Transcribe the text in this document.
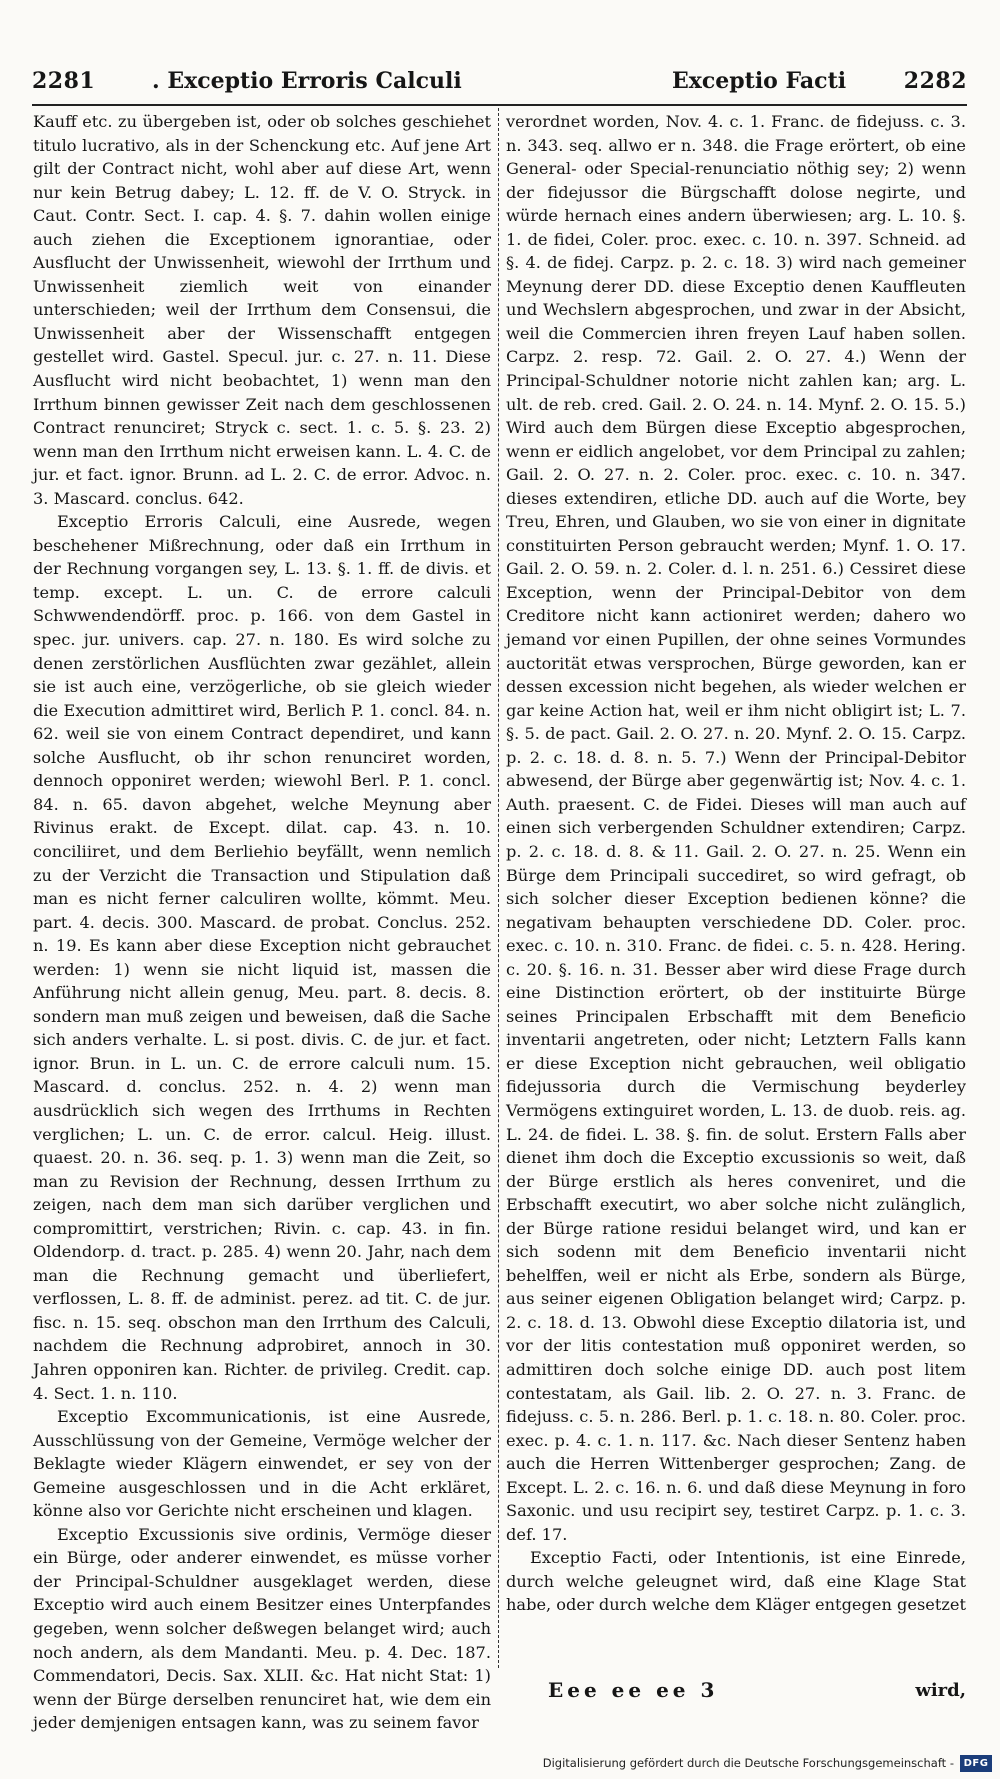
2281	. Exceptio Erroris Calculi	Exceptio Facti	2282

Kauff etc. zu übergeben ist, oder ob solches geschiehet titulo lucrativo, als in der Schenckung etc. Auf jene Art gilt der Contract nicht, wohl aber auf diese Art, wenn nur kein Betrug dabey; L. 12. ff. de V. O. Stryck. in Caut. Contr. Sect. I. cap. 4. §. 7. dahin wollen einige auch ziehen die Exceptionem ignorantiae, oder Ausflucht der Unwissenheit, wiewohl der Irrthum und Unwissenheit ziemlich weit von einander unterschieden; weil der Irrthum dem Consensui, die Unwissenheit aber der Wissenschafft entgegen gestellet wird. Gastel. Specul. jur. c. 27. n. 11. Diese Ausflucht wird nicht beobachtet, 1) wenn man den Irrthum binnen gewisser Zeit nach dem geschlossenen Contract renunciret; Stryck c. sect. 1. c. 5. §. 23. 2) wenn man den Irrthum nicht erweisen kann. L. 4. C. de jur. et fact. ignor. Brunn. ad L. 2. C. de error. Advoc. n. 3. Mascard. conclus. 642.

Exceptio Erroris Calculi, eine Ausrede, wegen beschehener Mißrechnung, oder daß ein Irrthum in der Rechnung vorgangen sey, L. 13. §. 1. ff. de divis. et temp. except. L. un. C. de errore calculi Schwwendendörff. proc. p. 166. von dem Gastel in spec. jur. univers. cap. 27. n. 180. Es wird solche zu denen zerstörlichen Ausflüchten zwar gezählet, allein sie ist auch eine, verzögerliche, ob sie gleich wieder die Execution admittiret wird, Berlich P. 1. concl. 84. n. 62. weil sie von einem Contract dependiret, und kann solche Ausflucht, ob ihr schon renunciret worden, dennoch opponiret werden; wiewohl Berl. P. 1. concl. 84. n. 65. davon abgehet, welche Meynung aber Rivinus erakt. de Except. dilat. cap. 43. n. 10. conciliiret, und dem Berliehio beyfällt, wenn nemlich zu der Verzicht die Transaction und Stipulation daß man es nicht ferner calculiren wollte, kömmt. Meu. part. 4. decis. 300. Mascard. de probat. Conclus. 252. n. 19. Es kann aber diese Exception nicht gebrauchet werden: 1) wenn sie nicht liquid ist, massen die Anführung nicht allein genug, Meu. part. 8. decis. 8. sondern man muß zeigen und beweisen, daß die Sache sich anders verhalte. L. si post. divis. C. de jur. et fact. ignor. Brun. in L. un. C. de errore calculi num. 15. Mascard. d. conclus. 252. n. 4. 2) wenn man ausdrücklich sich wegen des Irrthums in Rechten verglichen; L. un. C. de error. calcul. Heig. illust. quaest. 20. n. 36. seq. p. 1. 3) wenn man die Zeit, so man zu Revision der Rechnung, dessen Irrthum zu zeigen, nach dem man sich darüber verglichen und compromittirt, verstrichen; Rivin. c. cap. 43. in fin. Oldendorp. d. tract. p. 285. 4) wenn 20. Jahr, nach dem man die Rechnung gemacht und überliefert, verflossen, L. 8. ff. de administ. perez. ad tit. C. de jur. fisc. n. 15. seq. obschon man den Irrthum des Calculi, nachdem die Rechnung adprobiret, annoch in 30. Jahren opponiren kan. Richter. de privileg. Credit. cap. 4. Sect. 1. n. 110.

Exceptio Excommunicationis, ist eine Ausrede, Ausschlüssung von der Gemeine, Vermöge welcher der Beklagte wieder Klägern einwendet, er sey von der Gemeine ausgeschlossen und in die Acht erkläret, könne also vor Gerichte nicht erscheinen und klagen.

Exceptio Excussionis sive ordinis, Vermöge dieser ein Bürge, oder anderer einwendet, es müsse vorher der Principal-Schuldner ausgeklaget werden, diese Exceptio wird auch einem Besitzer eines Unterpfandes gegeben, wenn solcher deßwegen belanget wird; auch noch andern, als dem Mandanti. Meu. p. 4. Dec. 187. Commendatori, Decis. Sax. XLII. &c. Hat nicht Stat: 1) wenn der Bürge derselben renunciret hat, wie dem ein jeder demjenigen entsagen kann, was zu seinem favor

verordnet worden, Nov. 4. c. 1. Franc. de fidejuss. c. 3. n. 343. seq. allwo er n. 348. die Frage erörtert, ob eine General- oder Special-renunciatio nöthig sey; 2) wenn der fidejussor die Bürgschafft dolose negirte, und würde hernach eines andern überwiesen; arg. L. 10. §. 1. de fidei, Coler. proc. exec. c. 10. n. 397. Schneid. ad §. 4. de fidej. Carpz. p. 2. c. 18. 3) wird nach gemeiner Meynung derer DD. diese Exceptio denen Kauffleuten und Wechslern abgesprochen, und zwar in der Absicht, weil die Commercien ihren freyen Lauf haben sollen. Carpz. 2. resp. 72. Gail. 2. O. 27. 4.) Wenn der Principal-Schuldner notorie nicht zahlen kan; arg. L. ult. de reb. cred. Gail. 2. O. 24. n. 14. Mynf. 2. O. 15. 5.) Wird auch dem Bürgen diese Exceptio abgesprochen, wenn er eidlich angelobet, vor dem Principal zu zahlen; Gail. 2. O. 27. n. 2. Coler. proc. exec. c. 10. n. 347. dieses extendiren, etliche DD. auch auf die Worte, bey Treu, Ehren, und Glauben, wo sie von einer in dignitate constituirten Person gebraucht werden; Mynf. 1. O. 17. Gail. 2. O. 59. n. 2. Coler. d. l. n. 251. 6.) Cessiret diese Exception, wenn der Principal-Debitor von dem Creditore nicht kann actioniret werden; dahero wo jemand vor einen Pupillen, der ohne seines Vormundes auctorität etwas versprochen, Bürge geworden, kan er dessen excession nicht begehen, als wieder welchen er gar keine Action hat, weil er ihm nicht obligirt ist; L. 7. §. 5. de pact. Gail. 2. O. 27. n. 20. Mynf. 2. O. 15. Carpz. p. 2. c. 18. d. 8. n. 5. 7.) Wenn der Principal-Debitor abwesend, der Bürge aber gegenwärtig ist; Nov. 4. c. 1. Auth. praesent. C. de Fidei. Dieses will man auch auf einen sich verbergenden Schuldner extendiren; Carpz. p. 2. c. 18. d. 8. & 11. Gail. 2. O. 27. n. 25. Wenn ein Bürge dem Principali succediret, so wird gefragt, ob sich solcher dieser Exception bedienen könne? die negativam behaupten verschiedene DD. Coler. proc. exec. c. 10. n. 310. Franc. de fidei. c. 5. n. 428. Hering. c. 20. §. 16. n. 31. Besser aber wird diese Frage durch eine Distinction erörtert, ob der instituirte Bürge seines Principalen Erbschafft mit dem Beneficio inventarii angetreten, oder nicht; Letztern Falls kann er diese Exception nicht gebrauchen, weil obligatio fidejussoria durch die Vermischung beyderley Vermögens extinguiret worden, L. 13. de duob. reis. ag. L. 24. de fidei. L. 38. §. fin. de solut. Erstern Falls aber dienet ihm doch die Exceptio excussionis so weit, daß der Bürge erstlich als heres conveniret, und die Erbschafft executirt, wo aber solche nicht zulänglich, der Bürge ratione residui belanget wird, und kan er sich sodenn mit dem Beneficio inventarii nicht behelffen, weil er nicht als Erbe, sondern als Bürge, aus seiner eigenen Obligation belanget wird; Carpz. p. 2. c. 18. d. 13. Obwohl diese Exceptio dilatoria ist, und vor der litis contestation muß opponiret werden, so admittiren doch solche einige DD. auch post litem contestatam, als Gail. lib. 2. O. 27. n. 3. Franc. de fidejuss. c. 5. n. 286. Berl. p. 1. c. 18. n. 80. Coler. proc. exec. p. 4. c. 1. n. 117. &c. Nach dieser Sentenz haben auch die Herren Wittenberger gesprochen; Zang. de Except. L. 2. c. 16. n. 6. und daß diese Meynung in foro Saxonic. und usu recipirt sey, testiret Carpz. p. 1. c. 3. def. 17.

Exceptio Facti, oder Intentionis, ist eine Einrede, durch welche geleugnet wird, daß eine Klage Stat habe, oder durch welche dem Kläger entgegen gesetzet

Eee ee ee 3	wird,
Digitalisierung gefördert durch die Deutsche Forschungsgemeinschaft - DFG
